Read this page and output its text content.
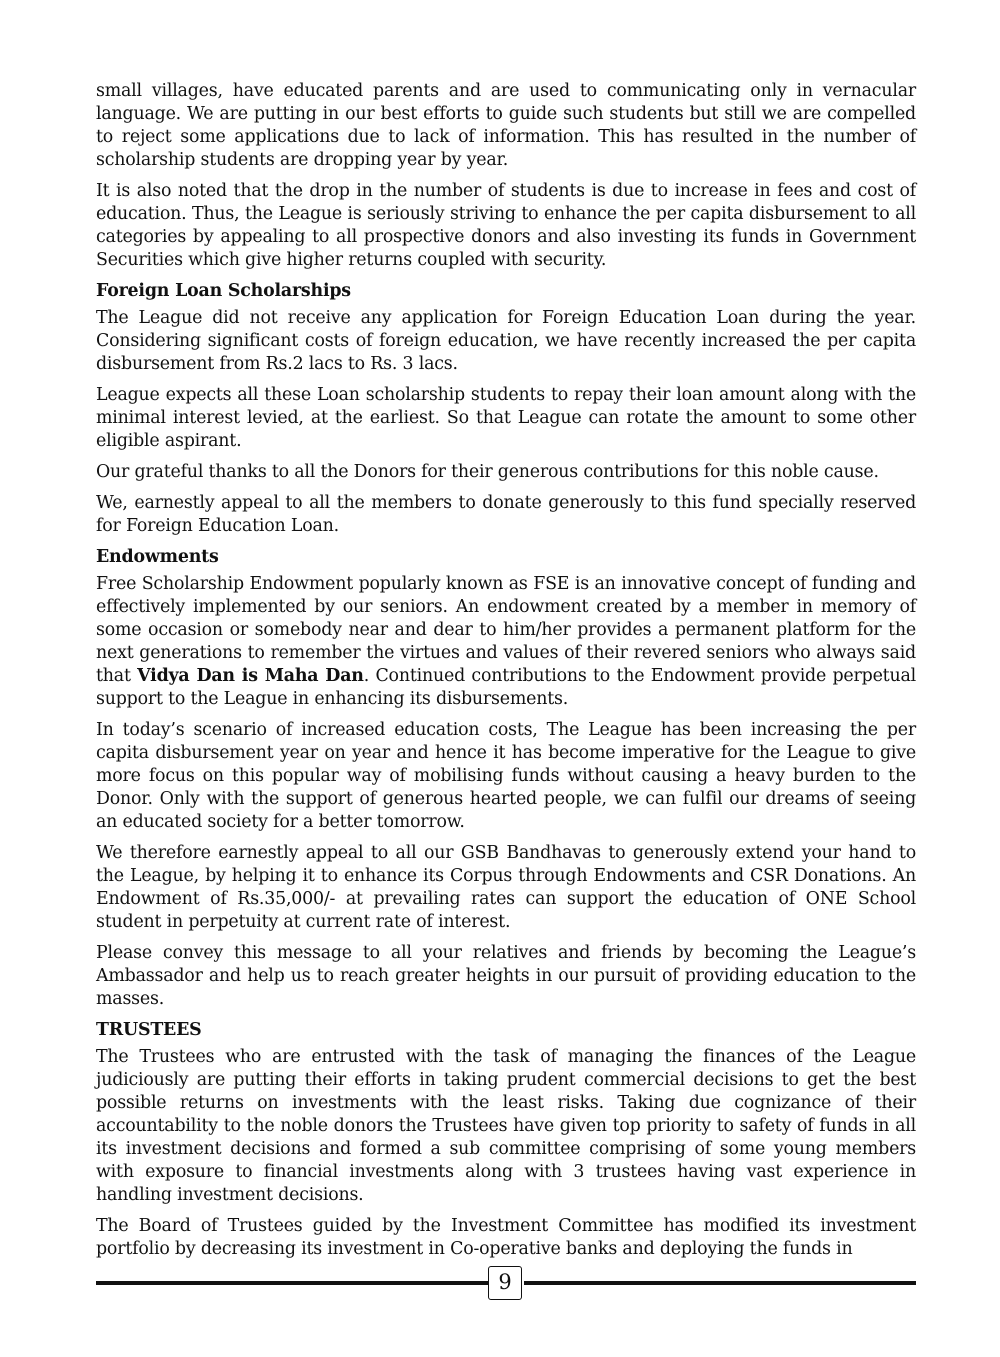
small villages, have educated parents and are used to communicating only in vernacular language. We are putting in our best efforts to guide such students but still we are compelled to reject some applications due to lack of information. This has resulted in the number of scholarship students are dropping year by year.

It is also noted that the drop in the number of students is due to increase in fees and cost of education. Thus, the League is seriously striving to enhance the per capita disbursement to all categories by appealing to all prospective donors and also investing its funds in Government Securities which give higher returns coupled with security.

Foreign Loan Scholarships

The League did not receive any application for Foreign Education Loan during the year. Considering significant costs of foreign education, we have recently increased the per capita disbursement from Rs.2 lacs to Rs. 3 lacs.

League expects all these Loan scholarship students to repay their loan amount along with the minimal interest levied, at the earliest. So that League can rotate the amount to some other eligible aspirant.

Our grateful thanks to all the Donors for their generous contributions for this noble cause.

We, earnestly appeal to all the members to donate generously to this fund specially reserved for Foreign Education Loan.

Endowments

Free Scholarship Endowment popularly known as FSE is an innovative concept of funding and effectively implemented by our seniors. An endowment created by a member in memory of some occasion or somebody near and dear to him/her provides a permanent platform for the next generations to remember the virtues and values of their revered seniors who always said that Vidya Dan is Maha Dan. Continued contributions to the Endowment provide perpetual support to the League in enhancing its disbursements.

In today’s scenario of increased education costs, The League has been increasing the per capita disbursement year on year and hence it has become imperative for the League to give more focus on this popular way of mobilising funds without causing a heavy burden to the Donor. Only with the support of generous hearted people, we can fulfil our dreams of seeing an educated society for a better tomorrow.

We therefore earnestly appeal to all our GSB Bandhavas to generously extend your hand to the League, by helping it to enhance its Corpus through Endowments and CSR Donations. An Endowment of Rs.35,000/- at prevailing rates can support the education of ONE School student in perpetuity at current rate of interest.

Please convey this message to all your relatives and friends by becoming the League’s Ambassador and help us to reach greater heights in our pursuit of providing education to the masses.

TRUSTEES

The Trustees who are entrusted with the task of managing the finances of the League judiciously are putting their efforts in taking prudent commercial decisions to get the best possible returns on investments with the least risks. Taking due cognizance of their accountability to the noble donors the Trustees have given top priority to safety of funds in all its investment decisions and formed a sub committee comprising of some young members with exposure to financial investments along with 3 trustees having vast experience in handling investment decisions.

The Board of Trustees guided by the Investment Committee has modified its investment portfolio by decreasing its investment in Co-operative banks and deploying the funds in

9
